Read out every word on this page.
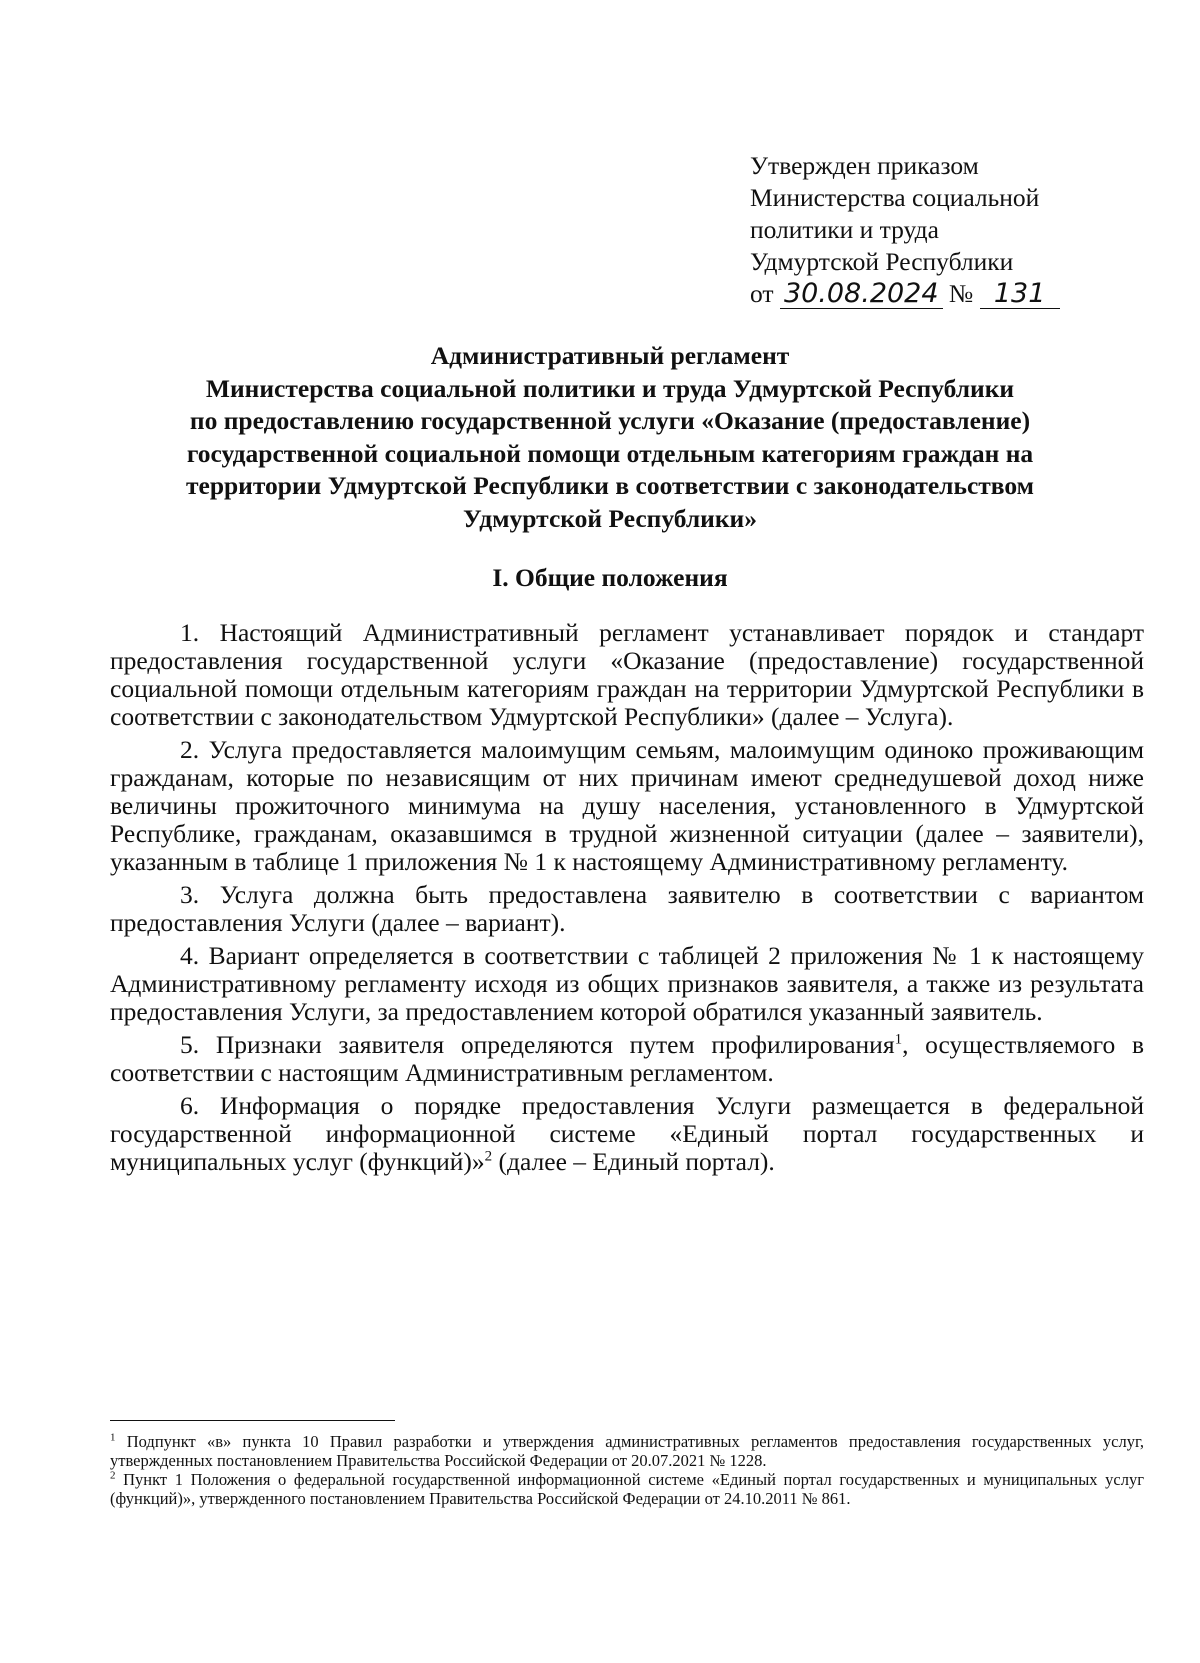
Утвержден приказом
Министерства социальной
политики и труда
Удмуртской Республики
от 30.08.2024 № 131
Административный регламент
Министерства социальной политики и труда Удмуртской Республики
по предоставлению государственной услуги «Оказание (предоставление)
государственной социальной помощи отдельным категориям граждан на
территории Удмуртской Республики в соответствии с законодательством
Удмуртской Республики»
I. Общие положения

1. Настоящий Административный регламент устанавливает порядок и стандарт предоставления государственной услуги «Оказание (предоставление) государственной социальной помощи отдельным категориям граждан на территории Удмуртской Республики в соответствии с законодательством Удмуртской Республики» (далее – Услуга).

2. Услуга предоставляется малоимущим семьям, малоимущим одиноко проживающим гражданам, которые по независящим от них причинам имеют среднедушевой доход ниже величины прожиточного минимума на душу населения, установленного в Удмуртской Республике, гражданам, оказавшимся в трудной жизненной ситуации (далее – заявители), указанным в таблице 1 приложения № 1 к настоящему Административному регламенту.

3. Услуга должна быть предоставлена заявителю в соответствии с вариантом предоставления Услуги (далее – вариант).

4. Вариант определяется в соответствии с таблицей 2 приложения № 1 к настоящему Административному регламенту исходя из общих признаков заявителя, а также из результата предоставления Услуги, за предоставлением которой обратился указанный заявитель.

5. Признаки заявителя определяются путем профилирования$^1$, осуществляемого в соответствии с настоящим Административным регламентом.

6. Информация о порядке предоставления Услуги размещается в федеральной государственной информационной системе «Единый портал государственных и муниципальных услуг (функций)»$^2$ (далее – Единый портал).

$^1$ Подпункт «в» пункта 10 Правил разработки и утверждения административных регламентов предоставления государственных услуг, утвержденных постановлением Правительства Российской Федерации от 20.07.2021 № 1228.

$^2$ Пункт 1 Положения о федеральной государственной информационной системе «Единый портал государственных и муниципальных услуг (функций)», утвержденного постановлением Правительства Российской Федерации от 24.10.2011 № 861.
